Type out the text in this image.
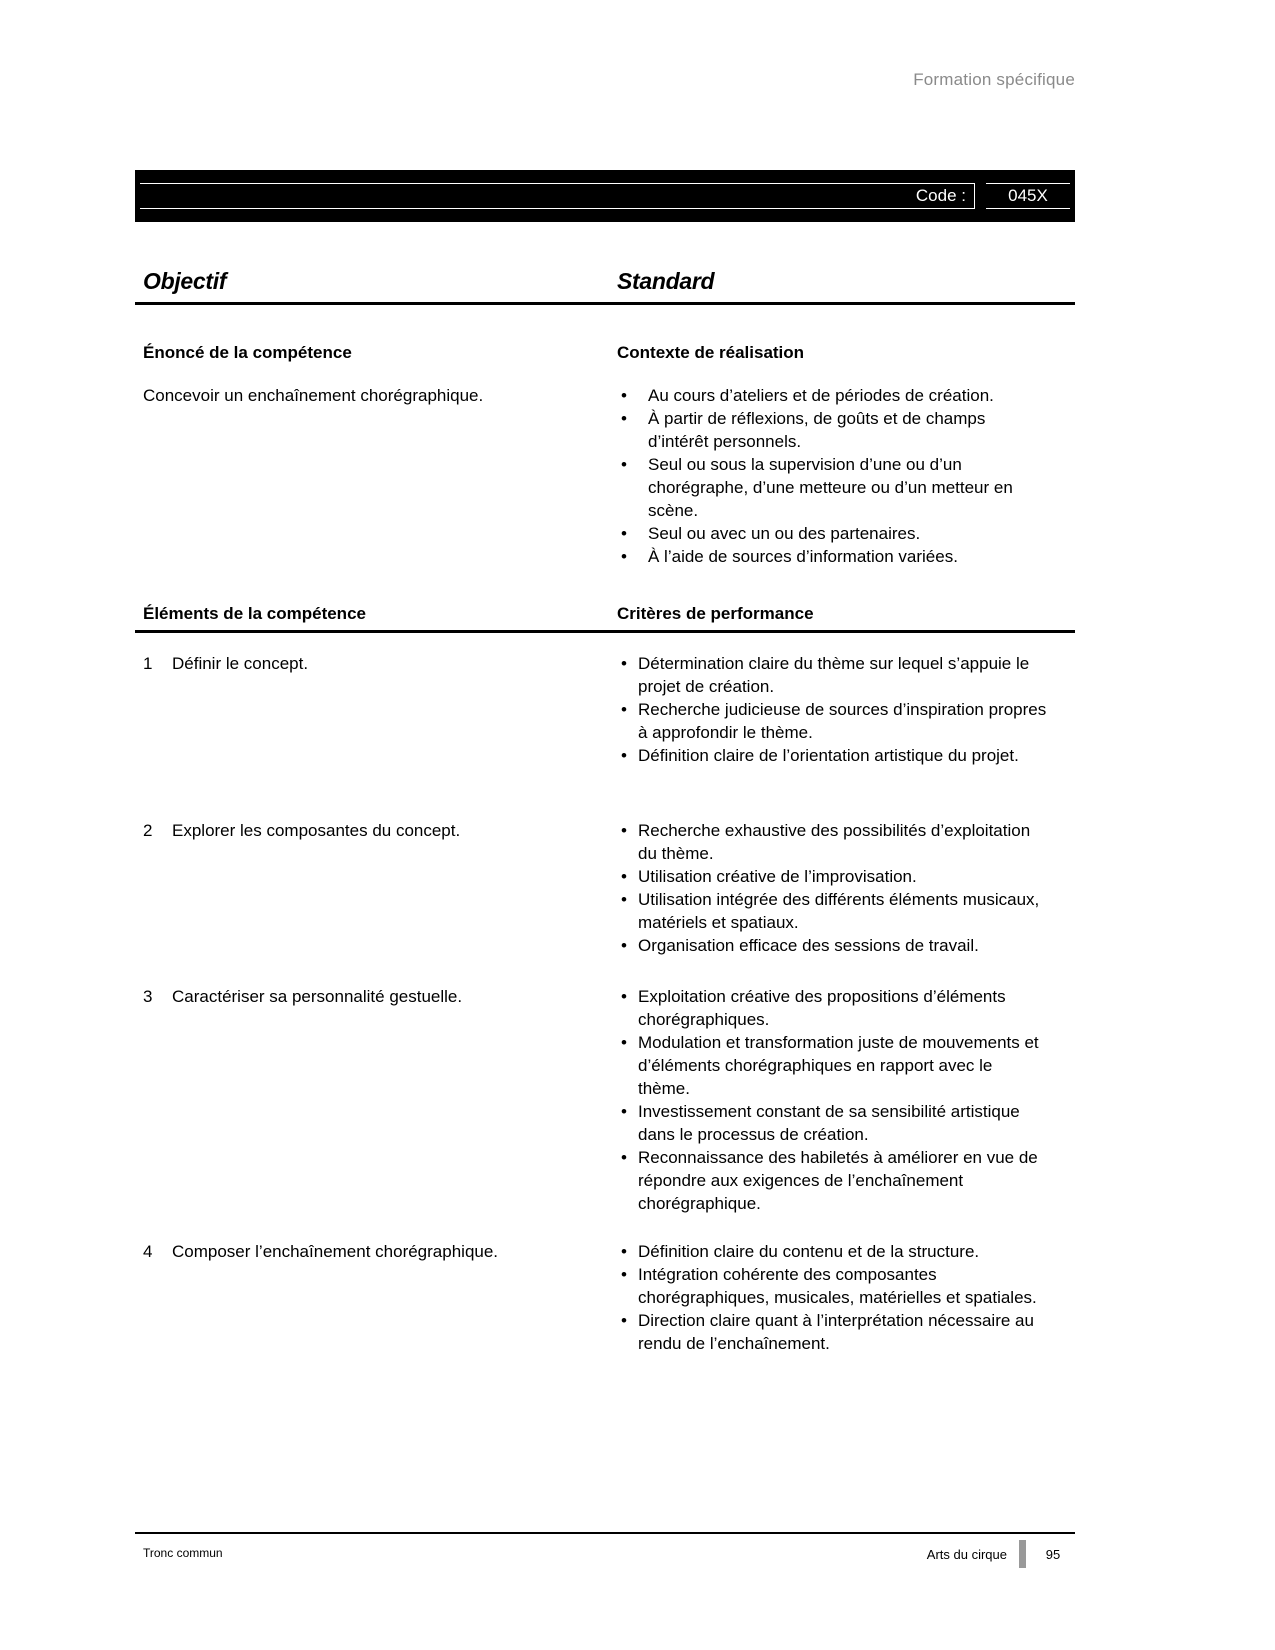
Formation spécifique
Code : 045X
Objectif	Standard
Énoncé de la compétence	Contexte de réalisation
Concevoir un enchaînement chorégraphique.	• Au cours d’ateliers et de périodes de création.
• À partir de réflexions, de goûts et de champs d’intérêt personnels.
• Seul ou sous la supervision d’une ou d’un chorégraphe, d’une metteure ou d’un metteur en scène.
• Seul ou avec un ou des partenaires.
• À l’aide de sources d’information variées.
Éléments de la compétence	Critères de performance
1	Définir le concept.	• Détermination claire du thème sur lequel s’appuie le projet de création.
• Recherche judicieuse de sources d’inspiration propres à approfondir le thème.
• Définition claire de l’orientation artistique du projet.
2	Explorer les composantes du concept.	• Recherche exhaustive des possibilités d’exploitation du thème.
• Utilisation créative de l’improvisation.
• Utilisation intégrée des différents éléments musicaux, matériels et spatiaux.
• Organisation efficace des sessions de travail.
3	Caractériser sa personnalité gestuelle.	• Exploitation créative des propositions d’éléments chorégraphiques.
• Modulation et transformation juste de mouvements et d’éléments chorégraphiques en rapport avec le thème.
• Investissement constant de sa sensibilité artistique dans le processus de création.
• Reconnaissance des habiletés à améliorer en vue de répondre aux exigences de l’enchaînement chorégraphique.
4	Composer l’enchaînement chorégraphique.	• Définition claire du contenu et de la structure.
• Intégration cohérente des composantes chorégraphiques, musicales, matérielles et spatiales.
• Direction claire quant à l’interprétation nécessaire au rendu de l’enchaînement.
Tronc commun	Arts du cirque	95
